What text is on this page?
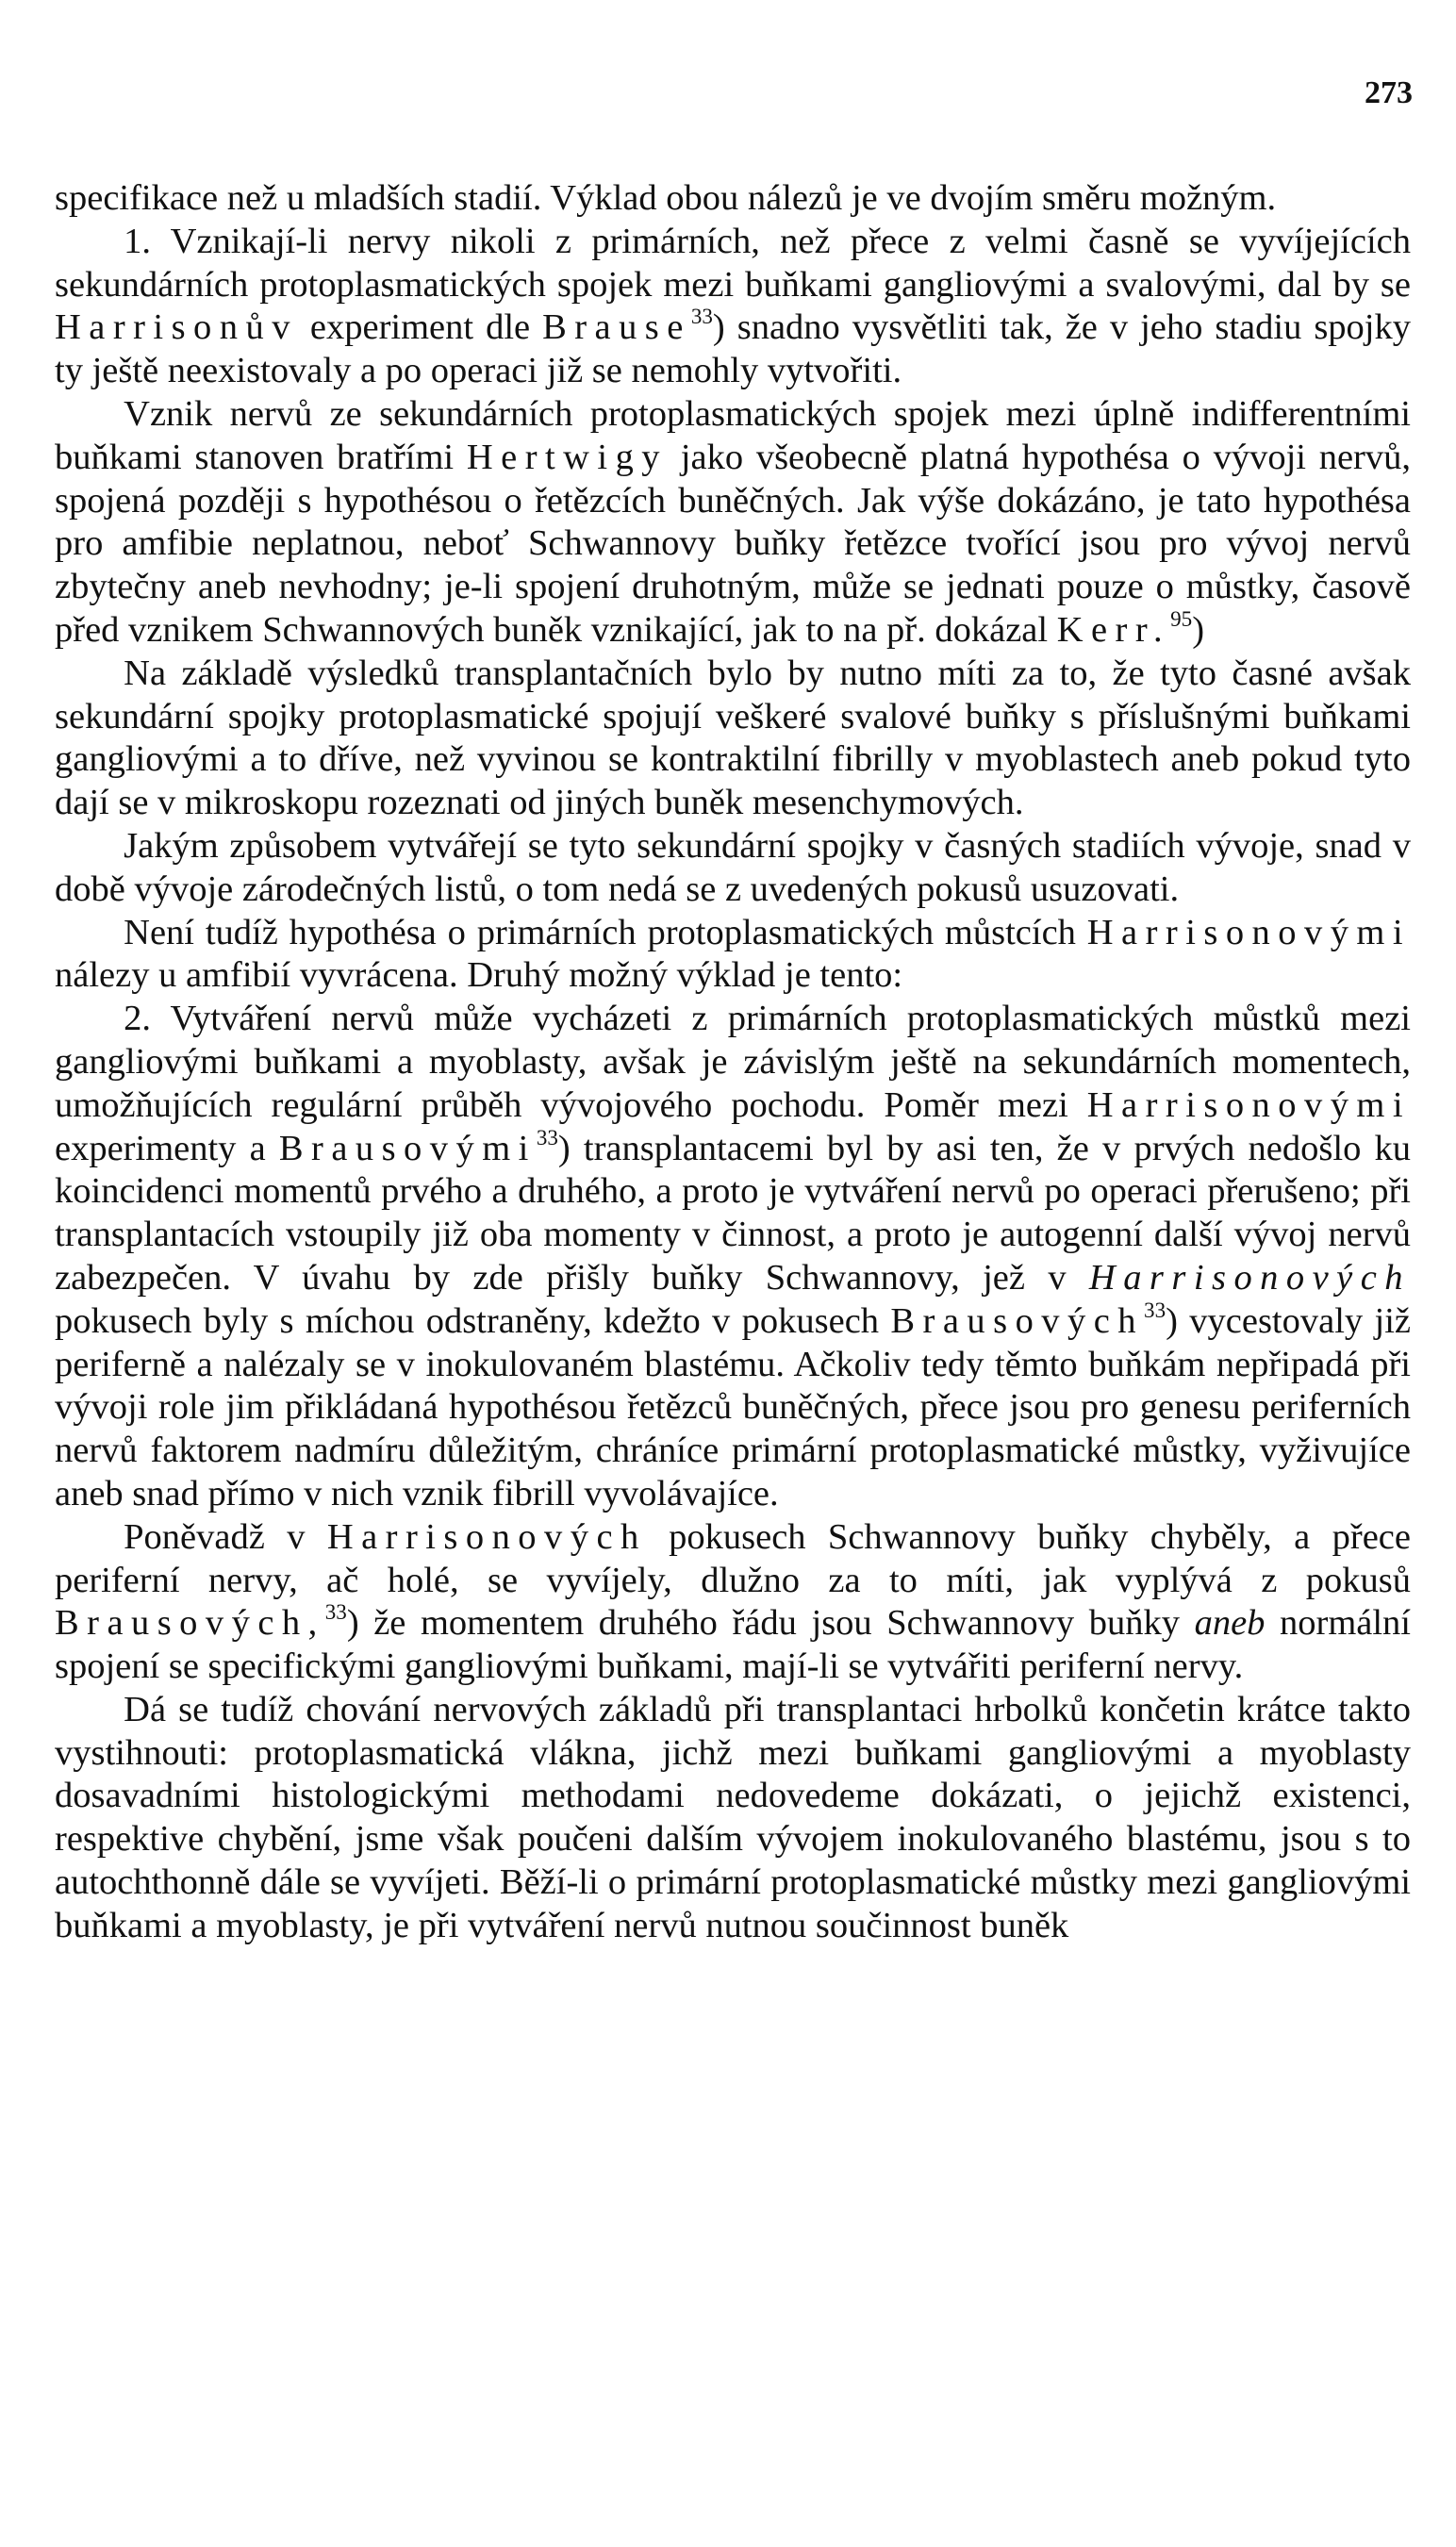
273

specifikace než u mladších stadií. Výklad obou nálezů je ve dvojím směru možným.

1. Vznikají-li nervy nikoli z primárních, než přece z velmi časně se vyvíjejících sekundárních protoplasmatických spojek mezi buňkami gangliovými a svalovými, dal by se Harrisonův experiment dle Brause$^{33}$) snadno vysvětliti tak, že v jeho stadiu spojky ty ještě neexistovaly a po operaci již se nemohly vytvořiti.

Vznik nervů ze sekundárních protoplasmatických spojek mezi úplně indifferentními buňkami stanoven bratřími Hertwigy jako všeobecně platná hypothésa o vývoji nervů, spojená později s hypothésou o řetězcích buněčných. Jak výše dokázáno, je tato hypothésa pro amfibie neplatnou, neboť Schwannovy buňky řetězce tvořící jsou pro vývoj nervů zbytečny aneb nevhodny; je-li spojení druhotným, může se jednati pouze o můstky, časově před vznikem Schwannových buněk vznikající, jak to na př. dokázal Kerr.$^{95}$)

Na základě výsledků transplantačních bylo by nutno míti za to, že tyto časné avšak sekundární spojky protoplasmatické spojují veškeré svalové buňky s příslušnými buňkami gangliovými a to dříve, než vyvinou se kontraktilní fibrilly v myoblastech aneb pokud tyto dají se v mikroskopu rozeznati od jiných buněk mesenchymových.

Jakým způsobem vytvářejí se tyto sekundární spojky v časných stadiích vývoje, snad v době vývoje zárodečných listů, o tom nedá se z uvedených pokusů usuzovati.

Není tudíž hypothésa o primárních protoplasmatických můstcích Harrisonovými nálezy u amfibií vyvrácena. Druhý možný výklad je tento:

2. Vytváření nervů může vycházeti z primárních protoplasmatických můstků mezi gangliovými buňkami a myoblasty, avšak je závislým ještě na sekundárních momentech, umožňujících regulární průběh vývojového pochodu. Poměr mezi Harrisonovými experimenty a Brausovými$^{33}$) transplantacemi byl by asi ten, že v prvých nedošlo ku koincidenci momentů prvého a druhého, a proto je vytváření nervů po operaci přerušeno; při transplantacích vstoupily již oba momenty v činnost, a proto je autogenní další vývoj nervů zabezpečen. V úvahu by zde přišly buňky Schwannovy, jež v Harrisonových pokusech byly s míchou odstraněny, kdežto v pokusech Brausových$^{33}$) vycestovaly již periferně a nalézaly se v inokulovaném blastému. Ačkoliv tedy těmto buňkám nepřipadá při vývoji role jim přikládaná hypothésou řetězců buněčných, přece jsou pro genesu periferních nervů faktorem nadmíru důležitým, chráníce primární protoplasmatické můstky, vyživujíce aneb snad přímo v nich vznik fibrill vyvolávajíce.

Poněvadž v Harrisonových pokusech Schwannovy buňky chyběly, a přece periferní nervy, ač holé, se vyvíjely, dlužno za to míti, jak vyplývá z pokusů Brausových,$^{33}$) že momentem druhého řádu jsou Schwannovy buňky aneb normální spojení se specifickými gangliovými buňkami, mají-li se vytvářiti periferní nervy.

Dá se tudíž chování nervových základů při transplantaci hrbolků končetin krátce takto vystihnouti: protoplasmatická vlákna, jichž mezi buňkami gangliovými a myoblasty dosavadními histologickými methodami nedovedeme dokázati, o jejichž existenci, respektive chybění, jsme však poučeni dalším vývojem inokulovaného blastému, jsou s to autochthonně dále se vyvíjeti. Běží-li o primární protoplasmatické můstky mezi gangliovými buňkami a myoblasty, je při vytváření nervů nutnou součinnost buněk
